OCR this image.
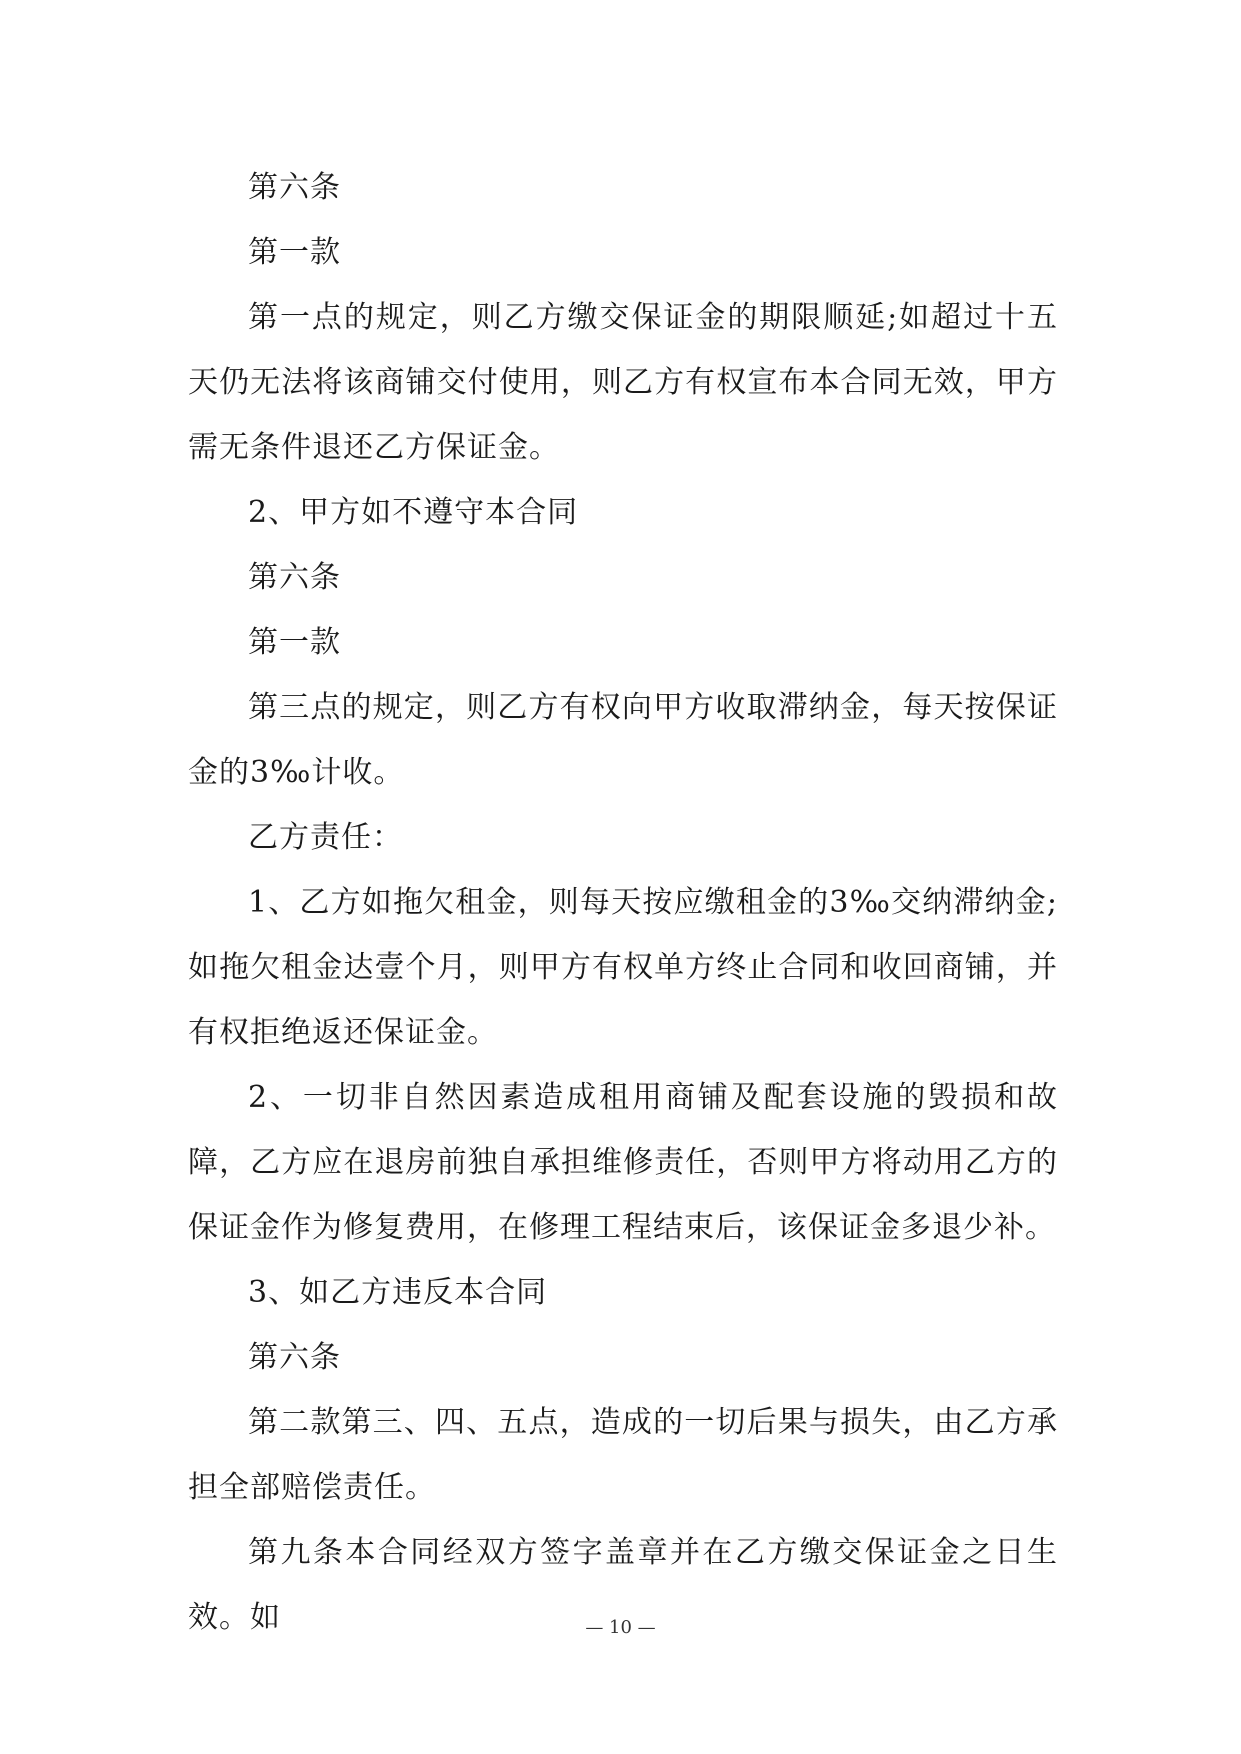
第六条

第一款

第一点的规定，则乙方缴交保证金的期限顺延;如超过十五天仍无法将该商铺交付使用，则乙方有权宣布本合同无效，甲方需无条件退还乙方保证金。

2、甲方如不遵守本合同

第六条

第一款

第三点的规定，则乙方有权向甲方收取滞纳金，每天按保证金的3‰计收。

乙方责任：

1、乙方如拖欠租金，则每天按应缴租金的3‰交纳滞纳金;如拖欠租金达壹个月，则甲方有权单方终止合同和收回商铺，并有权拒绝返还保证金。

2、一切非自然因素造成租用商铺及配套设施的毁损和故障，乙方应在退房前独自承担维修责任，否则甲方将动用乙方的保证金作为修复费用，在修理工程结束后，该保证金多退少补。

3、如乙方违反本合同

第六条

第二款第三、四、五点，造成的一切后果与损失，由乙方承担全部赔偿责任。

第九条本合同经双方签字盖章并在乙方缴交保证金之日生效。如	— 10 —
